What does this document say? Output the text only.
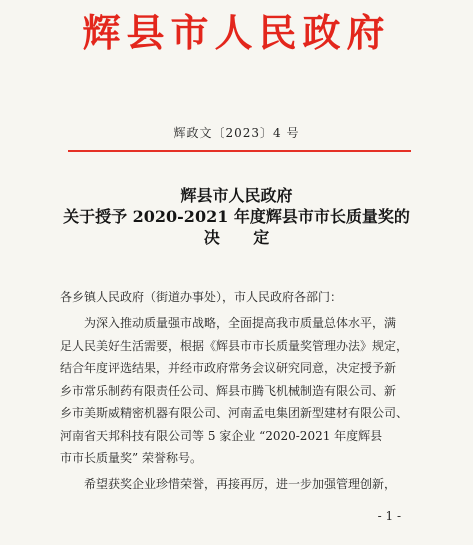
辉县市人民政府
辉政文〔2023〕4 号
辉县市人民政府
关于授予 2020-2021 年度辉县市市长质量奖的
决 定
各乡镇人民政府（街道办事处），市人民政府各部门：
为深入推动质量强市战略，全面提高我市质量总体水平，满
足人民美好生活需要，根据《辉县市市长质量奖管理办法》规定，
结合年度评选结果，并经市政府常务会议研究同意，决定授予新
乡市常乐制药有限责任公司、辉县市腾飞机械制造有限公司、新
乡市美斯威精密机器有限公司、河南孟电集团新型建材有限公司、
河南省天邦科技有限公司等 5 家企业 “2020-2021 年度辉县
市市长质量奖” 荣誉称号。
希望获奖企业珍惜荣誉，再接再厉，进一步加强管理创新，
- 1 -
